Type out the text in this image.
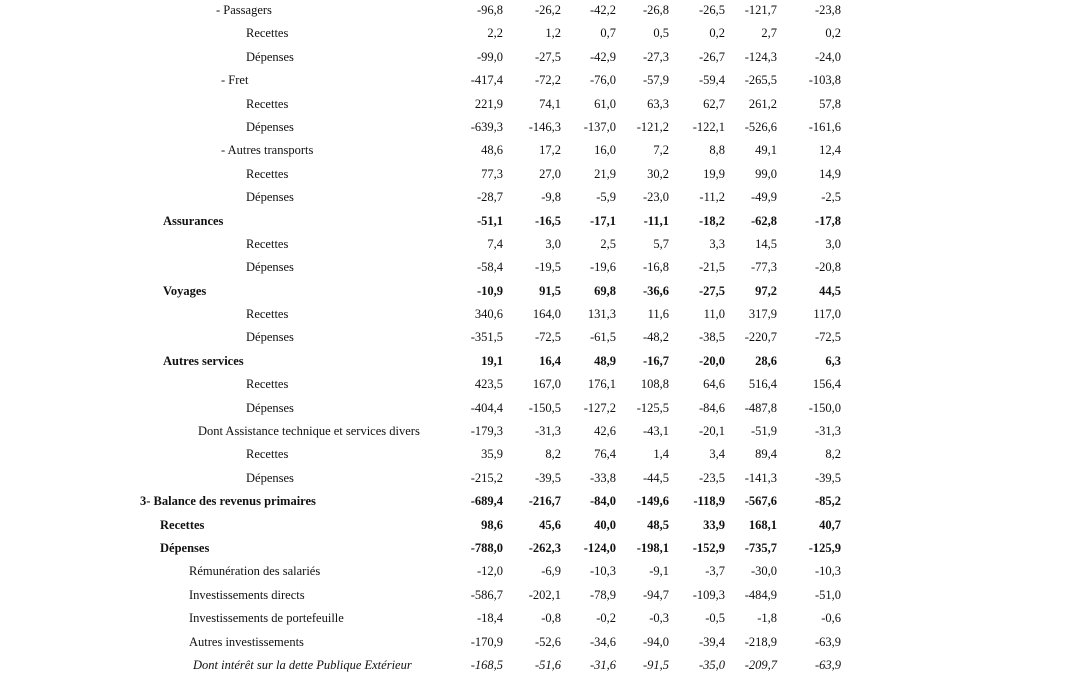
- Passagers	-96,8	-26,2 -42,2 -26,8 -26,5 -121,7	-23,8
Recettes	2,2	1,2	0,7	0,5	0,2	2,7	0,2
Dépenses	-99,0	-27,5 -42,9 -27,3 -26,7 -124,3	-24,0
- Fret	-417,4	-72,2 -76,0 -57,9 -59,4 -265,5	-103,8
Recettes	221,9	74,1	61,0 63,3	62,7 261,2	57,8
Dépenses	-639,3 -146,3 -137,0 -121,2 -122,1 -526,6	-161,6
- Autres transports	48,6	17,2	16,0	7,2	8,8 49,1	12,4
Recettes	77,3	27,0	21,9 30,2	19,9 99,0	14,9
Dépenses	-28,7	-9,8	-5,9 -23,0 -11,2 -49,9	-2,5
Assurances	-51,1	-16,5 -17,1 -11,1 -18,2 -62,8	-17,8
Recettes	7,4	3,0	2,5	5,7	3,3 14,5	3,0
Dépenses	-58,4	-19,5 -19,6 -16,8 -21,5 -77,3	-20,8
Voyages	-10,9	91,5	69,8 -36,6 -27,5 97,2	44,5
Recettes	340,6 164,0 131,3	11,6	11,0 317,9	117,0
Dépenses	-351,5	-72,5 -61,5 -48,2 -38,5 -220,7	-72,5
Autres services	19,1	16,4	48,9 -16,7 -20,0 28,6	6,3
Recettes	423,5 167,0 176,1 108,8	64,6 516,4	156,4
Dépenses	-404,4 -150,5 -127,2 -125,5 -84,6 -487,8	-150,0
Dont Assistance technique et services divers	-179,3	-31,3	42,6 -43,1 -20,1 -51,9	-31,3
Recettes	35,9	8,2	76,4	1,4	3,4 89,4	8,2
Dépenses	-215,2	-39,5 -33,8 -44,5 -23,5 -141,3	-39,5
3- Balance des revenus primaires	-689,4 -216,7 -84,0 -149,6 -118,9 -567,6	-85,2
Recettes	98,6	45,6	40,0 48,5	33,9 168,1	40,7
Dépenses	-788,0 -262,3 -124,0 -198,1 -152,9 -735,7	-125,9
Rémunération des salariés	-12,0	-6,9 -10,3	-9,1	-3,7 -30,0	-10,3
Investissements directs	-586,7 -202,1 -78,9 -94,7 -109,3 -484,9	-51,0
Investissements de portefeuille	-18,4	-0,8	-0,2	-0,3	-0,5	-1,8	-0,6
Autres investissements	-170,9	-52,6 -34,6 -94,0 -39,4 -218,9	-63,9
Dont intérêt sur la dette Publique Extérieur	-168,5	-51,6 -31,6 -91,5 -35,0 -209,7	-63,9
